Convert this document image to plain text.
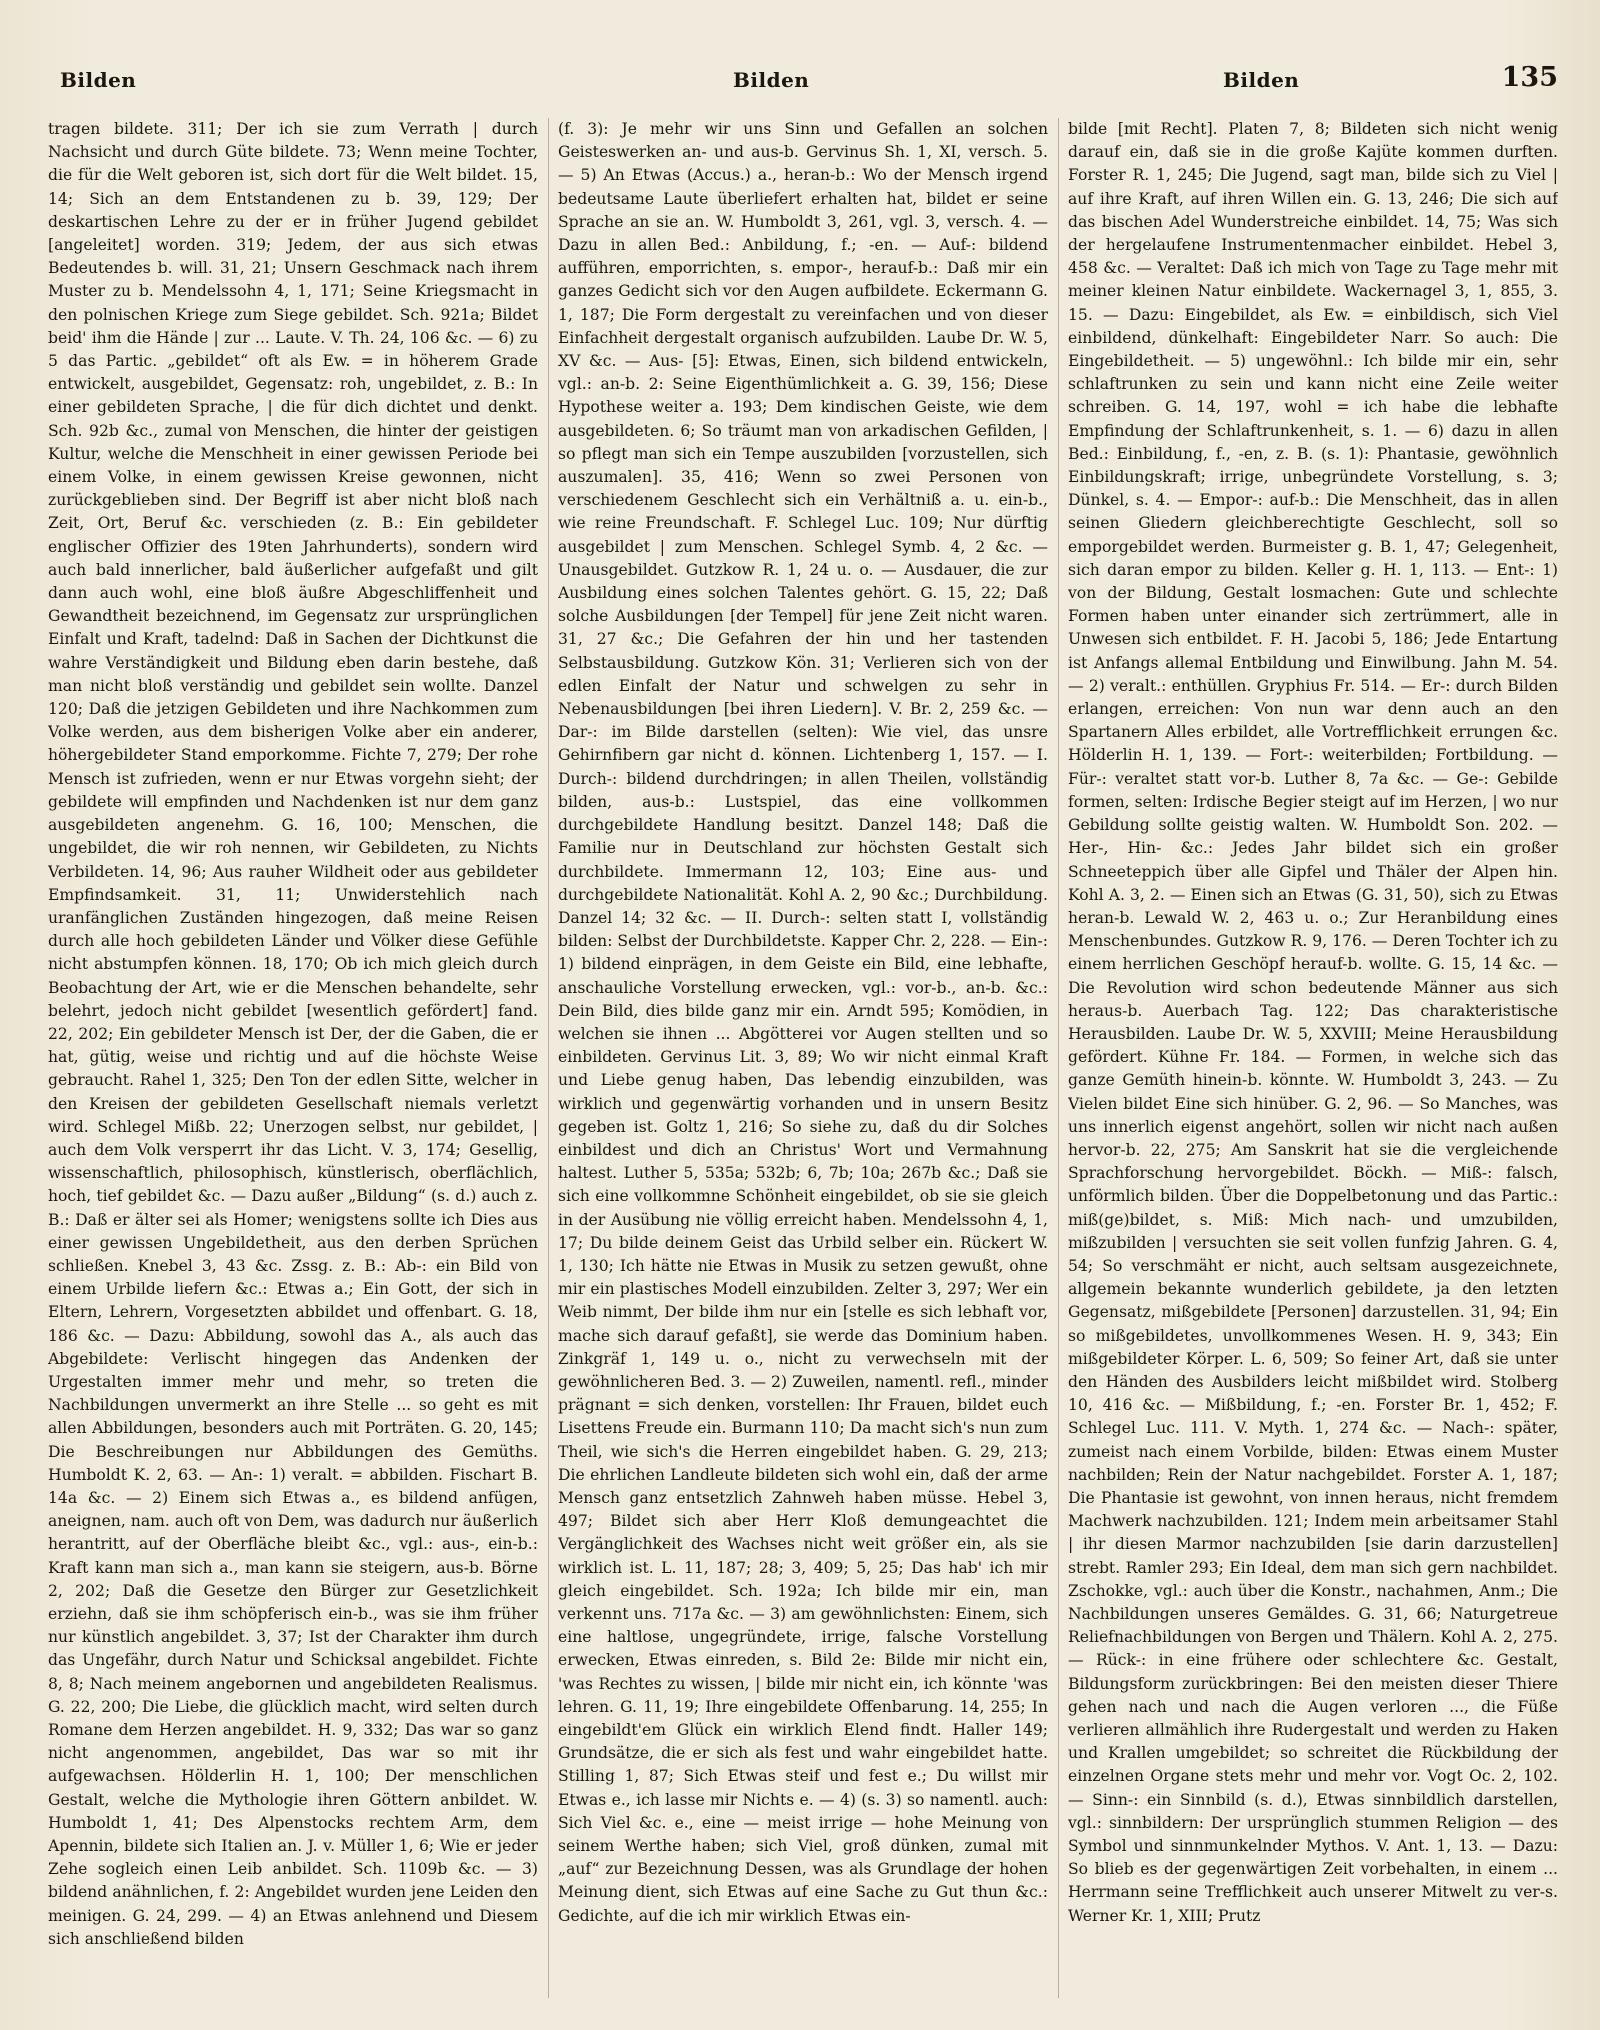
Bilden	Bilden	Bilden	135

tragen bildete. 311; Der ich sie zum Verrath | durch Nachsicht und durch Güte bildete. 73; Wenn meine Tochter, die für die Welt geboren ist, sich dort für die Welt bildet. 15, 14; Sich an dem Entstandenen zu b. 39, 129; Der deskartischen Lehre zu der er in früher Jugend gebildet [angeleitet] worden. 319; Jedem, der aus sich etwas Bedeutendes b. will. 31, 21; Unsern Geschmack nach ihrem Muster zu b. Mendelssohn 4, 1, 171; Seine Kriegsmacht in den polnischen Kriege zum Siege gebildet. Sch. 921a; Bildet beid' ihm die Hände | zur ... Laute. V. Th. 24, 106 &c. — 6) zu 5 das Partic. „gebildet“ oft als Ew. = in höherem Grade entwickelt, ausgebildet, Gegensatz: roh, ungebildet, z. B.: In einer gebildeten Sprache, | die für dich dichtet und denkt. Sch. 92b &c., zumal von Menschen, die hinter der geistigen Kultur, welche die Menschheit in einer gewissen Periode bei einem Volke, in einem gewissen Kreise gewonnen, nicht zurückgeblieben sind. Der Begriff ist aber nicht bloß nach Zeit, Ort, Beruf &c. verschieden (z. B.: Ein gebildeter englischer Offizier des 19ten Jahrhunderts), sondern wird auch bald innerlicher, bald äußerlicher aufgefaßt und gilt dann auch wohl, eine bloß äußre Abgeschliffenheit und Gewandtheit bezeichnend, im Gegensatz zur ursprünglichen Einfalt und Kraft, tadelnd: Daß in Sachen der Dichtkunst die wahre Verständigkeit und Bildung eben darin bestehe, daß man nicht bloß verständig und gebildet sein wollte. Danzel 120; Daß die jetzigen Gebildeten und ihre Nachkommen zum Volke werden, aus dem bisherigen Volke aber ein anderer, höhergebildeter Stand emporkomme. Fichte 7, 279; Der rohe Mensch ist zufrieden, wenn er nur Etwas vorgehn sieht; der gebildete will empfinden und Nachdenken ist nur dem ganz ausgebildeten angenehm. G. 16, 100; Menschen, die ungebildet, die wir roh nennen, wir Gebildeten, zu Nichts Verbildeten. 14, 96; Aus rauher Wildheit oder aus gebildeter Empfindsamkeit. 31, 11; Unwiderstehlich nach uranfänglichen Zuständen hingezogen, daß meine Reisen durch alle hoch gebildeten Länder und Völker diese Gefühle nicht abstumpfen können. 18, 170; Ob ich mich gleich durch Beobachtung der Art, wie er die Menschen behandelte, sehr belehrt, jedoch nicht gebildet [wesentlich gefördert] fand. 22, 202; Ein gebildeter Mensch ist Der, der die Gaben, die er hat, gütig, weise und richtig und auf die höchste Weise gebraucht. Rahel 1, 325; Den Ton der edlen Sitte, welcher in den Kreisen der gebildeten Gesellschaft niemals verletzt wird. Schlegel Mißb. 22; Unerzogen selbst, nur gebildet, | auch dem Volk versperrt ihr das Licht. V. 3, 174; Gesellig, wissenschaftlich, philosophisch, künstlerisch, oberflächlich, hoch, tief gebildet &c. — Dazu außer „Bildung“ (s. d.) auch z. B.: Daß er älter sei als Homer; wenigstens sollte ich Dies aus einer gewissen Ungebildetheit, aus den derben Sprüchen schließen. Knebel 3, 43 &c. Zssg. z. B.: Ab-: ein Bild von einem Urbilde liefern &c.: Etwas a.; Ein Gott, der sich in Eltern, Lehrern, Vorgesetzten abbildet und offenbart. G. 18, 186 &c. — Dazu: Abbildung, sowohl das A., als auch das Abgebildete: Verlischt hingegen das Andenken der Urgestalten immer mehr und mehr, so treten die Nachbildungen unvermerkt an ihre Stelle ... so geht es mit allen Abbildungen, besonders auch mit Porträten. G. 20, 145; Die Beschreibungen nur Abbildungen des Gemüths. Humboldt K. 2, 63. — An-: 1) veralt. = abbilden. Fischart B. 14a &c. — 2) Einem sich Etwas a., es bildend anfügen, aneignen, nam. auch oft von Dem, was dadurch nur äußerlich herantritt, auf der Oberfläche bleibt &c., vgl.: aus-, ein-b.: Kraft kann man sich a., man kann sie steigern, aus-b. Börne 2, 202; Daß die Gesetze den Bürger zur Gesetzlichkeit erziehn, daß sie ihm schöpferisch ein-b., was sie ihm früher nur künstlich angebildet. 3, 37; Ist der Charakter ihm durch das Ungefähr, durch Natur und Schicksal angebildet. Fichte 8, 8; Nach meinem angebornen und angebildeten Realismus. G. 22, 200; Die Liebe, die glücklich macht, wird selten durch Romane dem Herzen angebildet. H. 9, 332; Das war so ganz nicht angenommen, angebildet, Das war so mit ihr aufgewachsen. Hölderlin H. 1, 100; Der menschlichen Gestalt, welche die Mythologie ihren Göttern anbildet. W. Humboldt 1, 41; Des Alpenstocks rechtem Arm, dem Apennin, bildete sich Italien an. J. v. Müller 1, 6; Wie er jeder Zehe sogleich einen Leib anbildet. Sch. 1109b &c. — 3) bildend anähnlichen, f. 2: Angebildet wurden jene Leiden den meinigen. G. 24, 299. — 4) an Etwas anlehnend und Diesem sich anschließend bilden

(f. 3): Je mehr wir uns Sinn und Gefallen an solchen Geisteswerken an- und aus-b. Gervinus Sh. 1, XI, versch. 5. — 5) An Etwas (Accus.) a., heran-b.: Wo der Mensch irgend bedeutsame Laute überliefert erhalten hat, bildet er seine Sprache an sie an. W. Humboldt 3, 261, vgl. 3, versch. 4. — Dazu in allen Bed.: Anbildung, f.; -en. — Auf-: bildend aufführen, emporrichten, s. empor-, herauf-b.: Daß mir ein ganzes Gedicht sich vor den Augen aufbildete. Eckermann G. 1, 187; Die Form dergestalt zu vereinfachen und von dieser Einfachheit dergestalt organisch aufzubilden. Laube Dr. W. 5, XV &c. — Aus- [5]: Etwas, Einen, sich bildend entwickeln, vgl.: an-b. 2: Seine Eigenthümlichkeit a. G. 39, 156; Diese Hypothese weiter a. 193; Dem kindischen Geiste, wie dem ausgebildeten. 6; So träumt man von arkadischen Gefilden, | so pflegt man sich ein Tempe auszubilden [vorzustellen, sich auszumalen]. 35, 416; Wenn so zwei Personen von verschiedenem Geschlecht sich ein Verhältniß a. u. ein-b., wie reine Freundschaft. F. Schlegel Luc. 109; Nur dürftig ausgebildet | zum Menschen. Schlegel Symb. 4, 2 &c. — Unausgebildet. Gutzkow R. 1, 24 u. o. — Ausdauer, die zur Ausbildung eines solchen Talentes gehört. G. 15, 22; Daß solche Ausbildungen [der Tempel] für jene Zeit nicht waren. 31, 27 &c.; Die Gefahren der hin und her tastenden Selbstausbildung. Gutzkow Kön. 31; Verlieren sich von der edlen Einfalt der Natur und schwelgen zu sehr in Nebenausbildungen [bei ihren Liedern]. V. Br. 2, 259 &c. — Dar-: im Bilde darstellen (selten): Wie viel, das unsre Gehirnfibern gar nicht d. können. Lichtenberg 1, 157. — I. Durch-: bildend durchdringen; in allen Theilen, vollständig bilden, aus-b.: Lustspiel, das eine vollkommen durchgebildete Handlung besitzt. Danzel 148; Daß die Familie nur in Deutschland zur höchsten Gestalt sich durchbildete. Immermann 12, 103; Eine aus- und durchgebildete Nationalität. Kohl A. 2, 90 &c.; Durchbildung. Danzel 14; 32 &c. — II. Durch-: selten statt I, vollständig bilden: Selbst der Durchbildetste. Kapper Chr. 2, 228. — Ein-: 1) bildend einprägen, in dem Geiste ein Bild, eine lebhafte, anschauliche Vorstellung erwecken, vgl.: vor-b., an-b. &c.: Dein Bild, dies bilde ganz mir ein. Arndt 595; Komödien, in welchen sie ihnen ... Abgötterei vor Augen stellten und so einbildeten. Gervinus Lit. 3, 89; Wo wir nicht einmal Kraft und Liebe genug haben, Das lebendig einzubilden, was wirklich und gegenwärtig vorhanden und in unsern Besitz gegeben ist. Goltz 1, 216; So siehe zu, daß du dir Solches einbildest und dich an Christus' Wort und Vermahnung haltest. Luther 5, 535a; 532b; 6, 7b; 10a; 267b &c.; Daß sie sich eine vollkommne Schönheit eingebildet, ob sie sie gleich in der Ausübung nie völlig erreicht haben. Mendelssohn 4, 1, 17; Du bilde deinem Geist das Urbild selber ein. Rückert W. 1, 130; Ich hätte nie Etwas in Musik zu setzen gewußt, ohne mir ein plastisches Modell einzubilden. Zelter 3, 297; Wer ein Weib nimmt, Der bilde ihm nur ein [stelle es sich lebhaft vor, mache sich darauf gefaßt], sie werde das Dominium haben. Zinkgräf 1, 149 u. o., nicht zu verwechseln mit der gewöhnlicheren Bed. 3. — 2) Zuweilen, namentl. refl., minder prägnant = sich denken, vorstellen: Ihr Frauen, bildet euch Lisettens Freude ein. Burmann 110; Da macht sich's nun zum Theil, wie sich's die Herren eingebildet haben. G. 29, 213; Die ehrlichen Landleute bildeten sich wohl ein, daß der arme Mensch ganz entsetzlich Zahnweh haben müsse. Hebel 3, 497; Bildet sich aber Herr Kloß demungeachtet die Vergänglichkeit des Wachses nicht weit größer ein, als sie wirklich ist. L. 11, 187; 28; 3, 409; 5, 25; Das hab' ich mir gleich eingebildet. Sch. 192a; Ich bilde mir ein, man verkennt uns. 717a &c. — 3) am gewöhnlichsten: Einem, sich eine haltlose, ungegründete, irrige, falsche Vorstellung erwecken, Etwas einreden, s. Bild 2e: Bilde mir nicht ein, 'was Rechtes zu wissen, | bilde mir nicht ein, ich könnte 'was lehren. G. 11, 19; Ihre eingebildete Offenbarung. 14, 255; In eingebildt'em Glück ein wirklich Elend findt. Haller 149; Grundsätze, die er sich als fest und wahr eingebildet hatte. Stilling 1, 87; Sich Etwas steif und fest e.; Du willst mir Etwas e., ich lasse mir Nichts e. — 4) (s. 3) so namentl. auch: Sich Viel &c. e., eine — meist irrige — hohe Meinung von seinem Werthe haben; sich Viel, groß dünken, zumal mit „auf“ zur Bezeichnung Dessen, was als Grundlage der hohen Meinung dient, sich Etwas auf eine Sache zu Gut thun &c.: Gedichte, auf die ich mir wirklich Etwas ein-

bilde [mit Recht]. Platen 7, 8; Bildeten sich nicht wenig darauf ein, daß sie in die große Kajüte kommen durften. Forster R. 1, 245; Die Jugend, sagt man, bilde sich zu Viel | auf ihre Kraft, auf ihren Willen ein. G. 13, 246; Die sich auf das bischen Adel Wunderstreiche einbildet. 14, 75; Was sich der hergelaufene Instrumentenmacher einbildet. Hebel 3, 458 &c. — Veraltet: Daß ich mich von Tage zu Tage mehr mit meiner kleinen Natur einbildete. Wackernagel 3, 1, 855, 3. 15. — Dazu: Eingebildet, als Ew. = einbildisch, sich Viel einbildend, dünkelhaft: Eingebildeter Narr. So auch: Die Eingebildetheit. — 5) ungewöhnl.: Ich bilde mir ein, sehr schlaftrunken zu sein und kann nicht eine Zeile weiter schreiben. G. 14, 197, wohl = ich habe die lebhafte Empfindung der Schlaftrunkenheit, s. 1. — 6) dazu in allen Bed.: Einbildung, f., -en, z. B. (s. 1): Phantasie, gewöhnlich Einbildungskraft; irrige, unbegründete Vorstellung, s. 3; Dünkel, s. 4. — Empor-: auf-b.: Die Menschheit, das in allen seinen Gliedern gleichberechtigte Geschlecht, soll so emporgebildet werden. Burmeister g. B. 1, 47; Gelegenheit, sich daran empor zu bilden. Keller g. H. 1, 113. — Ent-: 1) von der Bildung, Gestalt losmachen: Gute und schlechte Formen haben unter einander sich zertrümmert, alle in Unwesen sich entbildet. F. H. Jacobi 5, 186; Jede Entartung ist Anfangs allemal Entbildung und Einwilbung. Jahn M. 54. — 2) veralt.: enthüllen. Gryphius Fr. 514. — Er-: durch Bilden erlangen, erreichen: Von nun war denn auch an den Spartanern Alles erbildet, alle Vortrefflichkeit errungen &c. Hölderlin H. 1, 139. — Fort-: weiterbilden; Fortbildung. — Für-: veraltet statt vor-b. Luther 8, 7a &c. — Ge-: Gebilde formen, selten: Irdische Begier steigt auf im Herzen, | wo nur Gebildung sollte geistig walten. W. Humboldt Son. 202. — Her-, Hin- &c.: Jedes Jahr bildet sich ein großer Schneeteppich über alle Gipfel und Thäler der Alpen hin. Kohl A. 3, 2. — Einen sich an Etwas (G. 31, 50), sich zu Etwas heran-b. Lewald W. 2, 463 u. o.; Zur Heranbildung eines Menschenbundes. Gutzkow R. 9, 176. — Deren Tochter ich zu einem herrlichen Geschöpf herauf-b. wollte. G. 15, 14 &c. — Die Revolution wird schon bedeutende Männer aus sich heraus-b. Auerbach Tag. 122; Das charakteristische Herausbilden. Laube Dr. W. 5, XXVIII; Meine Herausbildung gefördert. Kühne Fr. 184. — Formen, in welche sich das ganze Gemüth hinein-b. könnte. W. Humboldt 3, 243. — Zu Vielen bildet Eine sich hinüber. G. 2, 96. — So Manches, was uns innerlich eigenst angehört, sollen wir nicht nach außen hervor-b. 22, 275; Am Sanskrit hat sie die vergleichende Sprachforschung hervorgebildet. Böckh. — Miß-: falsch, unförmlich bilden. Über die Doppelbetonung und das Partic.: miß(ge)bildet, s. Miß: Mich nach- und umzubilden, mißzubilden | versuchten sie seit vollen funfzig Jahren. G. 4, 54; So verschmäht er nicht, auch seltsam ausgezeichnete, allgemein bekannte wunderlich gebildete, ja den letzten Gegensatz, mißgebildete [Personen] darzustellen. 31, 94; Ein so mißgebildetes, unvollkommenes Wesen. H. 9, 343; Ein mißgebildeter Körper. L. 6, 509; So feiner Art, daß sie unter den Händen des Ausbilders leicht mißbildet wird. Stolberg 10, 416 &c. — Mißbildung, f.; -en. Forster Br. 1, 452; F. Schlegel Luc. 111. V. Myth. 1, 274 &c. — Nach-: später, zumeist nach einem Vorbilde, bilden: Etwas einem Muster nachbilden; Rein der Natur nachgebildet. Forster A. 1, 187; Die Phantasie ist gewohnt, von innen heraus, nicht fremdem Machwerk nachzubilden. 121; Indem mein arbeitsamer Stahl | ihr diesen Marmor nachzubilden [sie darin darzustellen] strebt. Ramler 293; Ein Ideal, dem man sich gern nachbildet. Zschokke, vgl.: auch über die Konstr., nachahmen, Anm.; Die Nachbildungen unseres Gemäldes. G. 31, 66; Naturgetreue Reliefnachbildungen von Bergen und Thälern. Kohl A. 2, 275. — Rück-: in eine frühere oder schlechtere &c. Gestalt, Bildungsform zurückbringen: Bei den meisten dieser Thiere gehen nach und nach die Augen verloren ..., die Füße verlieren allmählich ihre Rudergestalt und werden zu Haken und Krallen umgebildet; so schreitet die Rückbildung der einzelnen Organe stets mehr und mehr vor. Vogt Oc. 2, 102. — Sinn-: ein Sinnbild (s. d.), Etwas sinnbildlich darstellen, vgl.: sinnbildern: Der ursprünglich stummen Religion — des Symbol und sinnmunkelnder Mythos. V. Ant. 1, 13. — Dazu: So blieb es der gegenwärtigen Zeit vorbehalten, in einem ... Herrmann seine Trefflichkeit auch unserer Mitwelt zu ver-s. Werner Kr. 1, XIII; Prutz
